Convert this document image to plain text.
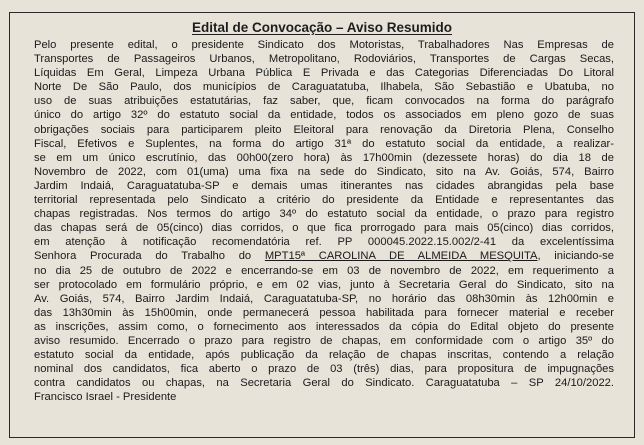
Edital de Convocação – Aviso Resumido
Pelo presente edital, o presidente Sindicato dos Motoristas, Trabalhadores Nas Empresas de
Transportes de Passageiros Urbanos, Metropolitano, Rodoviários, Transportes de Cargas Secas,
Líquidas Em Geral, Limpeza Urbana Pública E Privada e das Categorias Diferenciadas Do Litoral
Norte De São Paulo, dos municípios de Caraguatatuba, Ilhabela, São Sebastião e Ubatuba, no
uso de suas atribuições estatutárias, faz saber, que, ficam convocados na forma do parágrafo
único do artigo 32º do estatuto social da entidade, todos os associados em pleno gozo de suas
obrigações sociais para participarem pleito Eleitoral para renovação da Diretoria Plena, Conselho
Fiscal, Efetivos e Suplentes, na forma do artigo 31ª do estatuto social da entidade, a realizar-
se em um único escrutínio, das 00h00(zero hora) às 17h00min (dezessete horas) do dia 18 de
Novembro de 2022, com 01(uma) uma fixa na sede do Sindicato, sito na Av. Goiás, 574, Bairro
Jardim Indaiá, Caraguatatuba-SP e demais umas itinerantes nas cidades abrangidas pela base
territorial representada pelo Sindicato a critério do presidente da Entidade e representantes das
chapas registradas. Nos termos do artigo 34º do estatuto social da entidade, o prazo para registro
das chapas será de 05(cinco) dias corridos, o que fica prorrogado para mais 05(cinco) dias corridos,
em atenção à notificação recomendatória ref. PP 000045.2022.15.002/2-41 da excelentíssima
Senhora Procurada do Trabalho do MPT15ª CAROLINA DE ALMEIDA MESQUITA, iniciando-se
no dia 25 de outubro de 2022 e encerrando-se em 03 de novembro de 2022, em requerimento a
ser protocolado em formulário próprio, e em 02 vias, junto à Secretaria Geral do Sindicato, sito na
Av. Goiás, 574, Bairro Jardim Indaiá, Caraguatatuba-SP, no horário das 08h30min às 12h00min e
das 13h30min às 15h00min, onde permanecerá pessoa habilitada para fornecer material e receber
as inscrições, assim como, o fornecimento aos interessados da cópia do Edital objeto do presente
aviso resumido. Encerrado o prazo para registro de chapas, em conformidade com o artigo 35º do
estatuto social da entidade, após publicação da relação de chapas inscritas, contendo a relação
nominal dos candidatos, fica aberto o prazo de 03 (três) dias, para propositura de impugnações
contra candidatos ou chapas, na Secretaria Geral do Sindicato. Caraguatatuba – SP 24/10/2022.
Francisco Israel - Presidente
